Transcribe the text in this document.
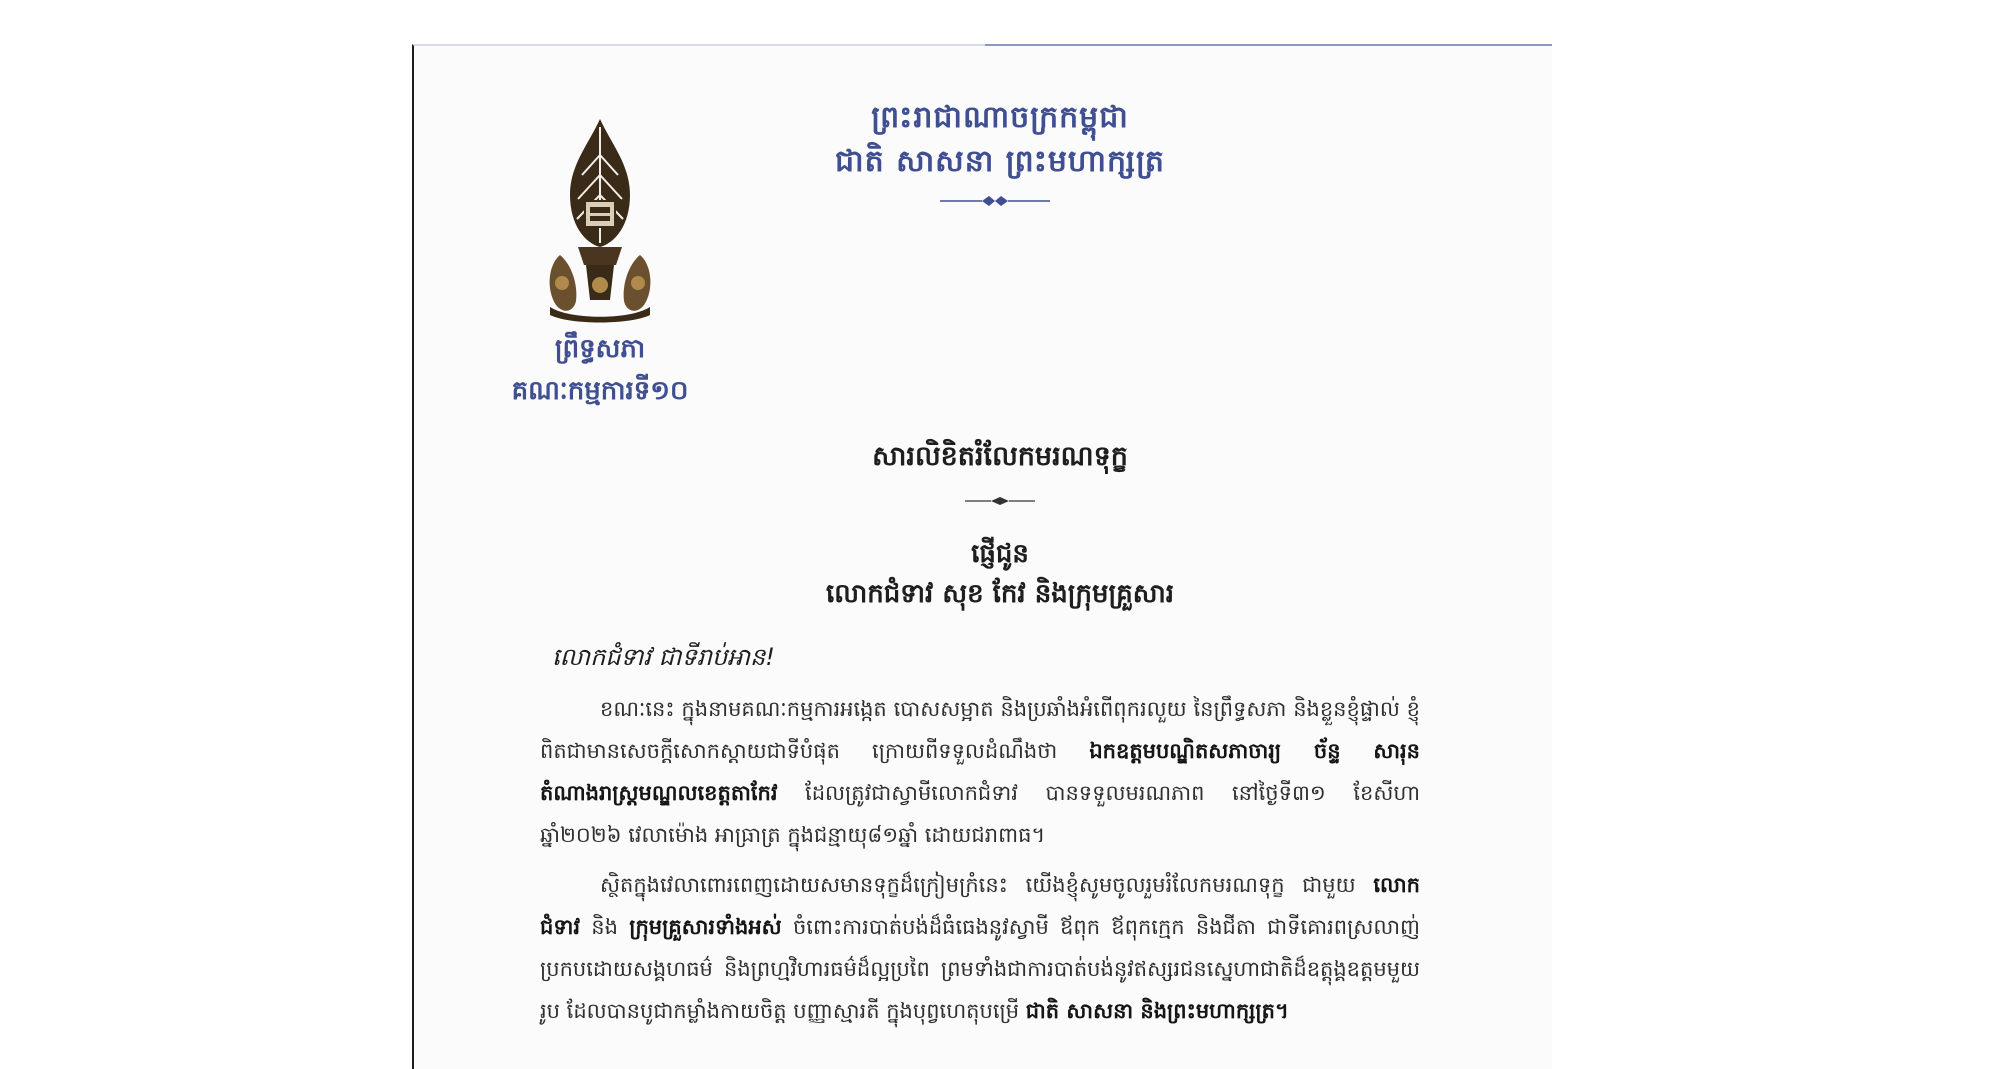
ព្រះរាជាណាចក្រកម្ពុជា
ជាតិ សាសនា ព្រះមហាក្សត្រ
ព្រឹទ្ធសភា
គណៈកម្មការទី១០
សារលិខិតរំលែកមរណទុក្ខ
ផ្ញើជូន
លោកជំទាវ សុខ កែវ និងក្រុមគ្រួសារ
លោកជំទាវ ជាទីរាប់អាន!
ខណៈនេះ ក្នុងនាមគណៈកម្មការអង្កេត បោសសម្អាត និងប្រឆាំងអំពើពុករលួយ នៃព្រឹទ្ធសភា និងខ្លួនខ្ញុំផ្ទាល់ ខ្ញុំពិតជាមានសេចក្តីសោកស្តាយជាទីបំផុត ក្រោយពីទទួលដំណឹងថា ឯកឧត្តមបណ្ឌិតសភាចារ្យ ច័ន្ទ សារុន តំណាងរាស្ត្រមណ្ឌលខេត្តតាកែវ ដែលត្រូវជាស្វាមីលោកជំទាវ បានទទួលមរណភាព នៅថ្ងៃទី៣១ ខែសីហា ឆ្នាំ២០២៦ វេលាម៉ោង អាធ្រាត្រ ក្នុងជន្មាយុ៨១ឆ្នាំ ដោយជរាពាធ។
ស្ថិតក្នុងវេលាពោរពេញដោយសមានទុក្ខដ៏ក្រៀមក្រំនេះ យើងខ្ញុំសូមចូលរួមរំលែកមរណទុក្ខ ជាមួយ លោកជំទាវ និង ក្រុមគ្រួសារទាំងអស់ ចំពោះការបាត់បង់ដ៏ធំធេងនូវស្វាមី ឪពុក ឪពុកក្មេក និងជីតា ជាទីគោរពស្រលាញ់ ប្រកបដោយសង្គហធម៌ និងព្រហ្មវិហារធម៌ដ៏ល្អប្រពៃ ព្រមទាំងជាការបាត់បង់នូវឥស្សរជនស្នេហាជាតិដ៏ឧត្តុង្គឧត្តមមួយរូប ដែលបានបូជាកម្លាំងកាយចិត្ត បញ្ញាស្មារតី ក្នុងបុព្វហេតុបម្រើ ជាតិ សាសនា និងព្រះមហាក្សត្រ។
